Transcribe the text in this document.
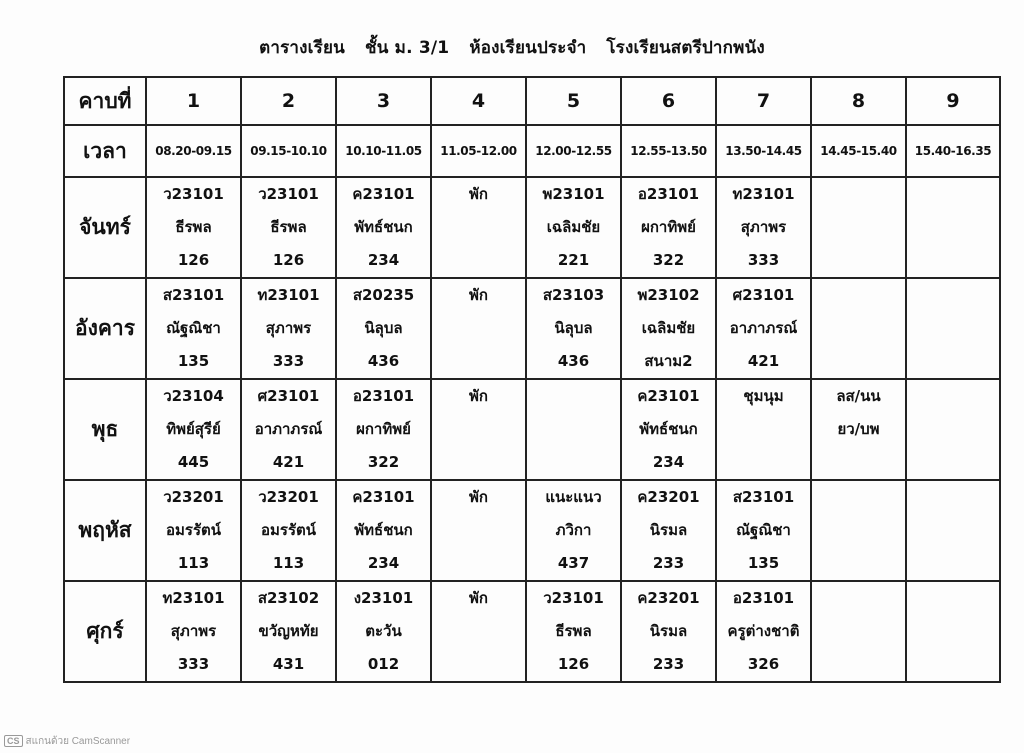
ตารางเรียน ชั้น ม. 3/1 ห้องเรียนประจำ โรงเรียนสตรีปากพนัง
คาบที่	1	2	3	4	5	6	7	8	9
เวลา	08.20-09.15	09.15-10.10	10.10-11.05	11.05-12.00	12.00-12.55	12.55-13.50	13.50-14.45	14.45-15.40	15.40-16.35
จันทร์	ว23101
ธีรพล
126	ว23101
ธีรพล
126	ค23101
พัทธ์ชนก
234	พัก	พ23101
เฉลิมชัย
221	อ23101
ผกาทิพย์
322	ท23101
สุภาพร
333		

อังคาร	ส23101
ณัฐณิชา
135	ท23101
สุภาพร
333	ส20235
นิลุบล
436	พัก	ส23103
นิลุบล
436	พ23102
เฉลิมชัย
สนาม2	ศ23101
อาภาภรณ์
421		

พุธ	ว23104
ทิพย์สุรีย์
445	ศ23101
อาภาภรณ์
421	อ23101
ผกาทิพย์
322	พัก		ค23101
พัทธ์ชนก
234	ชุมนุม	ลส/นน
ยว/บพ	

พฤหัส	ว23201
อมรรัตน์
113	ว23201
อมรรัตน์
113	ค23101
พัทธ์ชนก
234	พัก	แนะแนว
ภวิกา
437	ค23201
นิรมล
233	ส23101
ณัฐณิชา
135		

ศุกร์	ท23101
สุภาพร
333	ส23102
ขวัญหทัย
431	ง23101
ตะวัน
012	พัก	ว23101
ธีรพล
126	ค23201
นิรมล
233	อ23101
ครูต่างชาติ
326		

CS สแกนด้วย CamScanner
